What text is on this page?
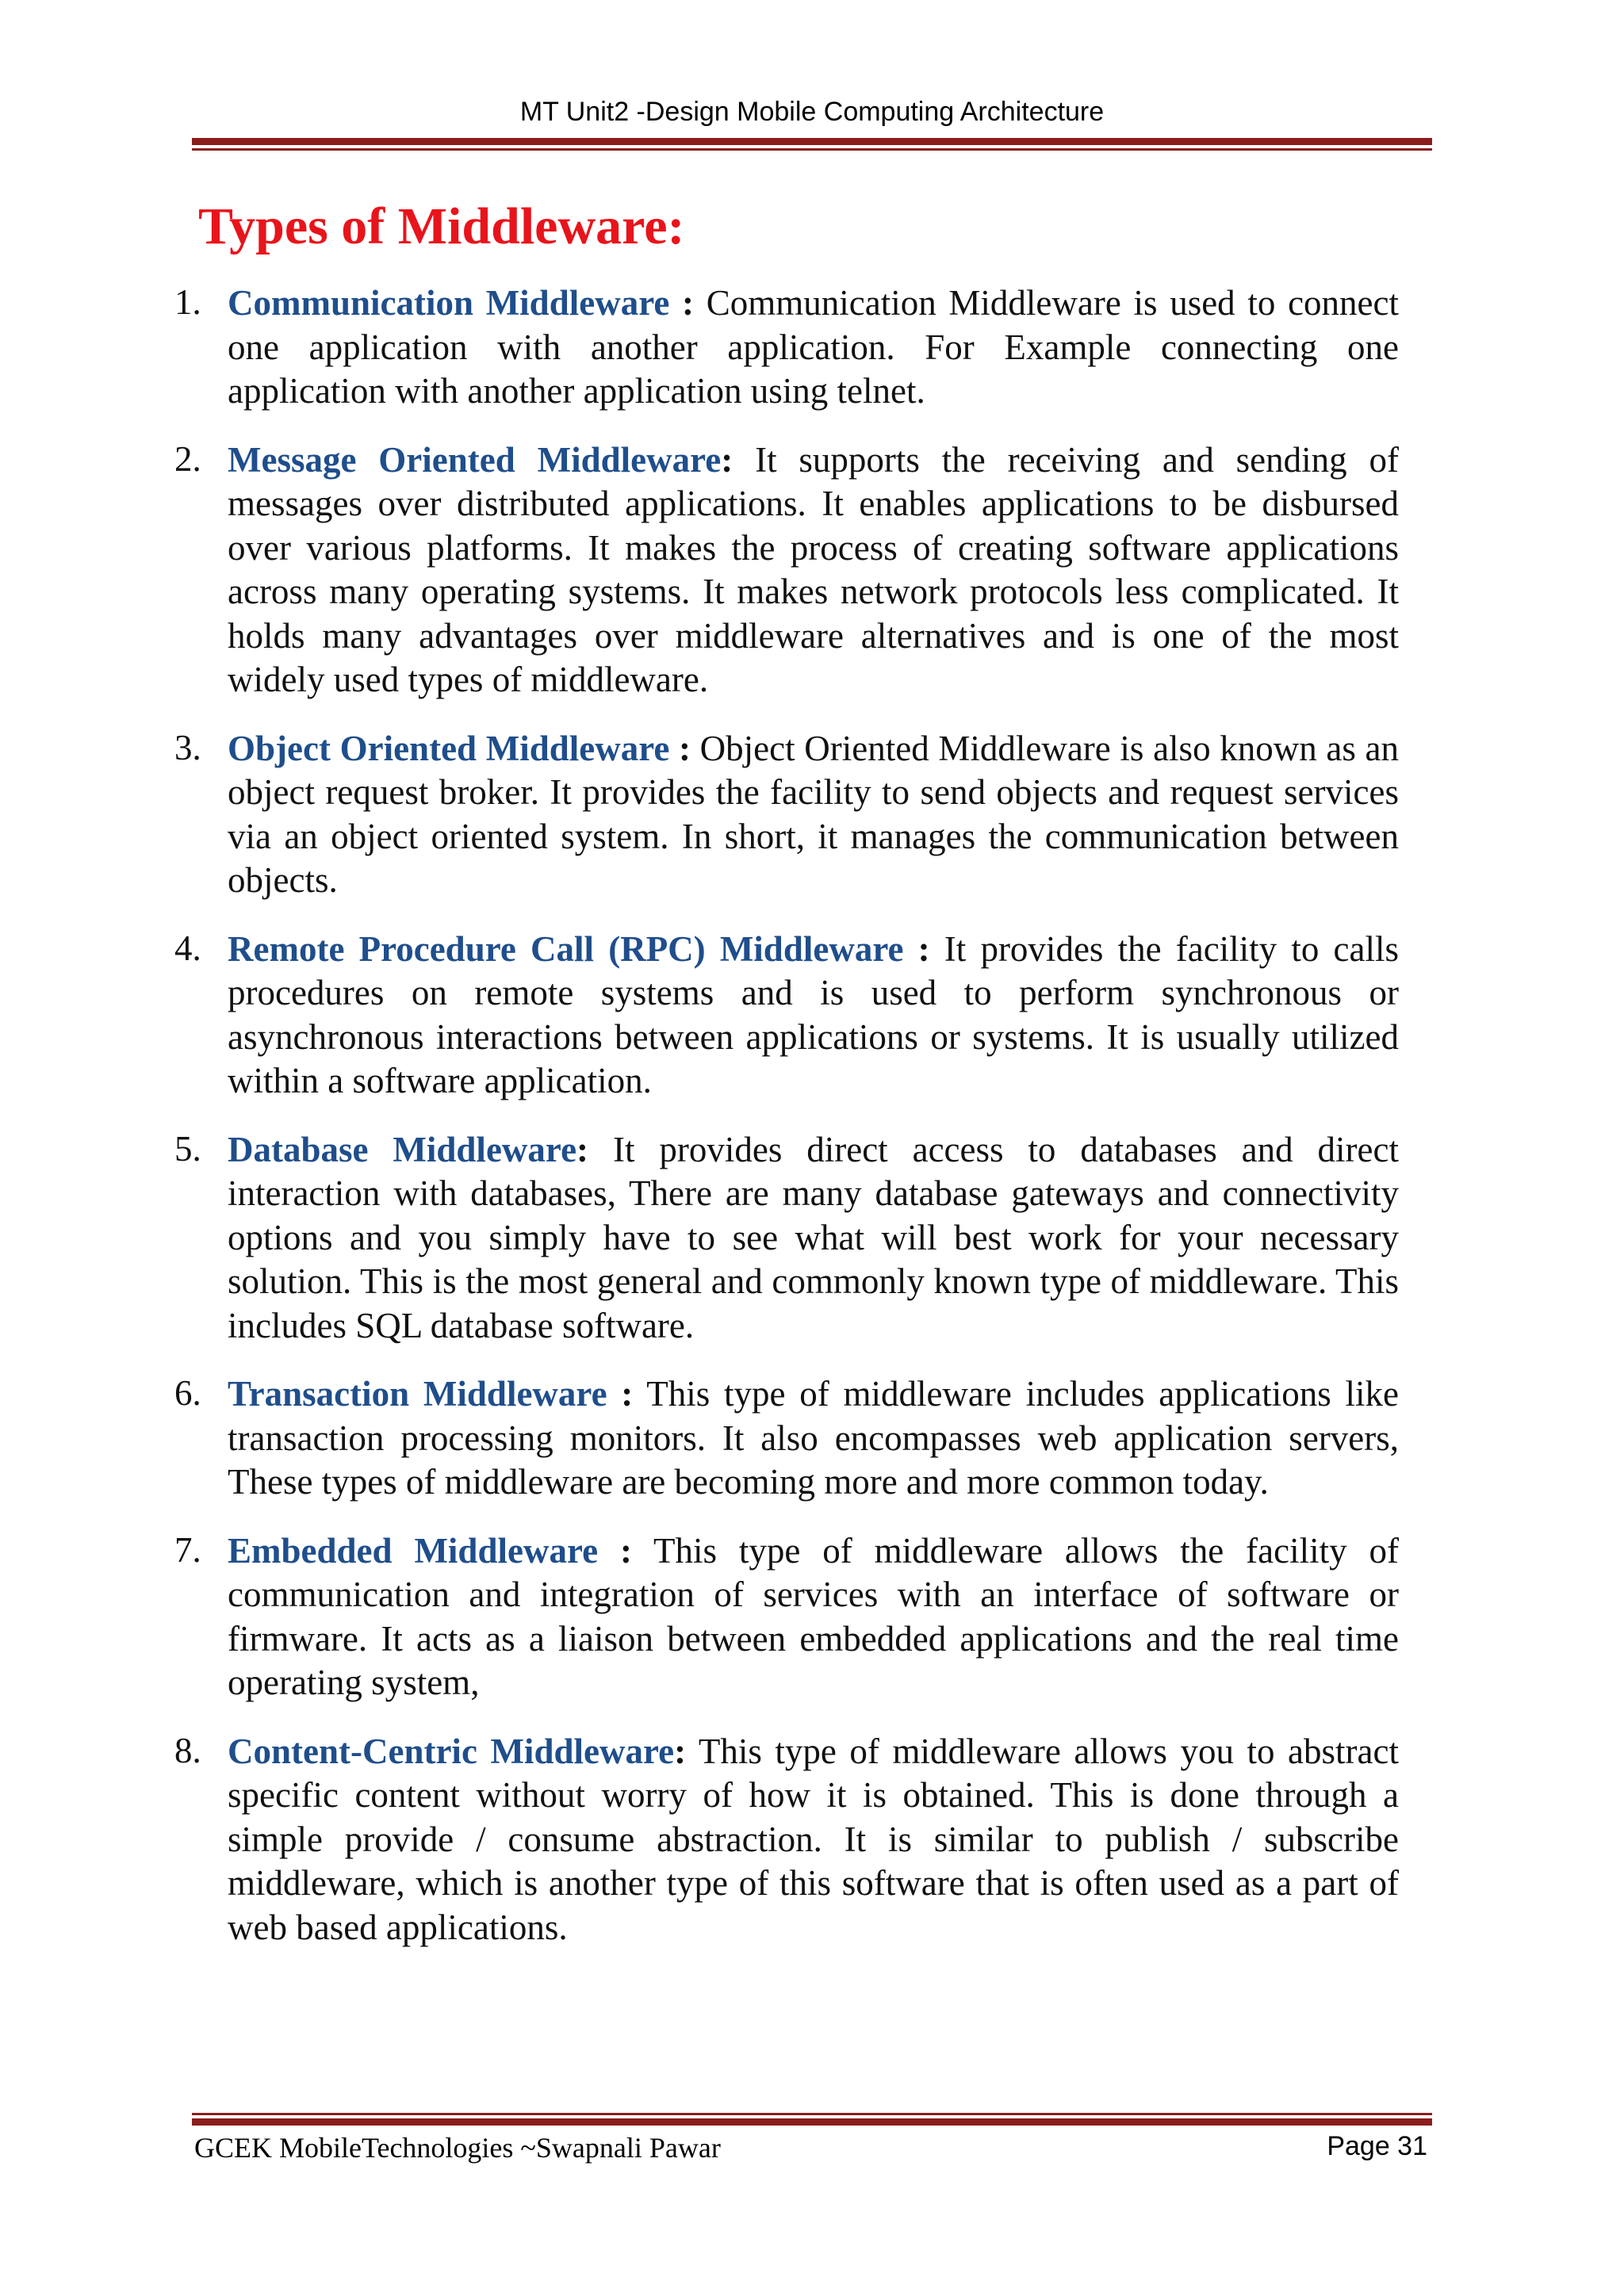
MT Unit2 -Design Mobile Computing Architecture
Types of Middleware:
1. Communication Middleware : Communication Middleware is used to connect one application with another application. For Example connecting one application with another application using telnet.
2. Message Oriented Middleware: It supports the receiving and sending of messages over distributed applications. It enables applications to be disbursed over various platforms. It makes the process of creating software applications across many operating systems. It makes network protocols less complicated. It holds many advantages over middleware alternatives and is one of the most widely used types of middleware.
3. Object Oriented Middleware : Object Oriented Middleware is also known as an object request broker. It provides the facility to send objects and request services via an object oriented system. In short, it manages the communication between objects.
4. Remote Procedure Call (RPC) Middleware : It provides the facility to calls procedures on remote systems and is used to perform synchronous or asynchronous interactions between applications or systems. It is usually utilized within a software application.
5. Database Middleware: It provides direct access to databases and direct interaction with databases, There are many database gateways and connectivity options and you simply have to see what will best work for your necessary solution. This is the most general and commonly known type of middleware. This includes SQL database software.
6. Transaction Middleware : This type of middleware includes applications like transaction processing monitors. It also encompasses web application servers, These types of middleware are becoming more and more common today.
7. Embedded Middleware : This type of middleware allows the facility of communication and integration of services with an interface of software or firmware. It acts as a liaison between embedded applications and the real time operating system,
8. Content-Centric Middleware: This type of middleware allows you to abstract specific content without worry of how it is obtained. This is done through a simple provide / consume abstraction. It is similar to publish / subscribe middleware, which is another type of this software that is often used as a part of web based applications.
GCEK MobileTechnologies ~Swapnali Pawar	Page 31
